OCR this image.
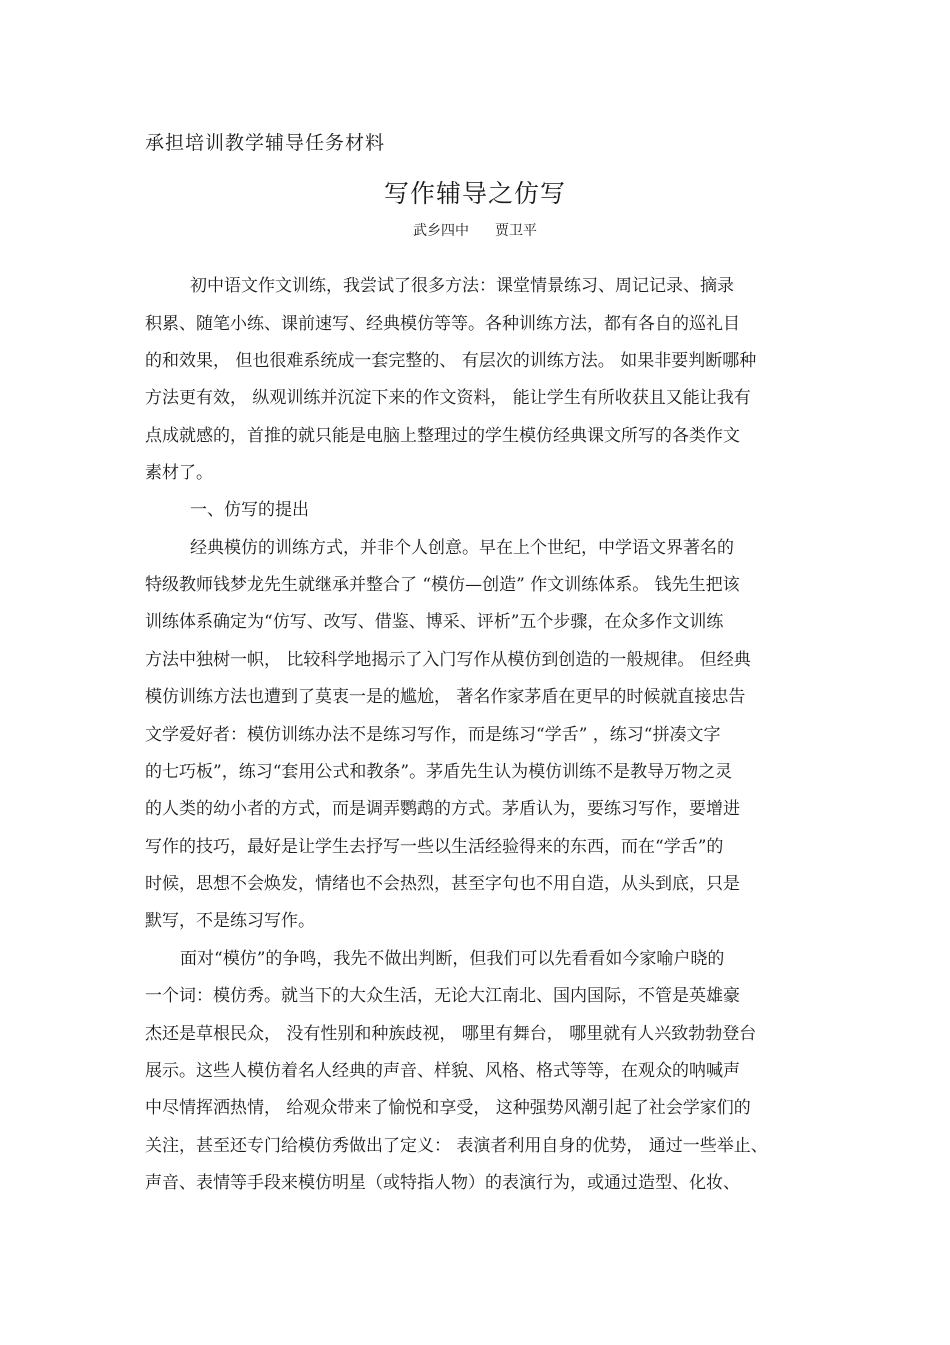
承担培训教学辅导任务材料
写作辅导之仿写
武乡四中 贾卫平
初中语文作文训练，我尝试了很多方法：课堂情景练习、周记记录、摘录
积累、随笔小练、课前速写、经典模仿等等。各种训练方法，都有各自的巡礼目
的和效果， 但也很难系统成一套完整的、 有层次的训练方法。 如果非要判断哪种
方法更有效， 纵观训练并沉淀下来的作文资料， 能让学生有所收获且又能让我有
点成就感的，首推的就只能是电脑上整理过的学生模仿经典课文所写的各类作文
素材了。
一、仿写的提出
经典模仿的训练方式，并非个人创意。早在上个世纪，中学语文界著名的
特级教师钱梦龙先生就继承并整合了 “模仿—创造” 作文训练体系。 钱先生把该
训练体系确定为“仿写、改写、借鉴、博采、评析”五个步骤，在众多作文训练
方法中独树一帜， 比较科学地揭示了入门写作从模仿到创造的一般规律。 但经典
模仿训练方法也遭到了莫衷一是的尴尬， 著名作家茅盾在更早的时候就直接忠告
文学爱好者：模仿训练办法不是练习写作，而是练习“学舌” ，练习“拼凑文字
的七巧板”，练习“套用公式和教条”。茅盾先生认为模仿训练不是教导万物之灵
的人类的幼小者的方式，而是调弄鹦鹉的方式。茅盾认为，要练习写作，要增进
写作的技巧，最好是让学生去抒写一些以生活经验得来的东西，而在“学舌”的
时候，思想不会焕发，情绪也不会热烈，甚至字句也不用自造，从头到底，只是
默写，不是练习写作。
面对“模仿”的争鸣，我先不做出判断，但我们可以先看看如今家喻户晓的
一个词：模仿秀。就当下的大众生活，无论大江南北、国内国际，不管是英雄豪
杰还是草根民众， 没有性别和种族歧视， 哪里有舞台， 哪里就有人兴致勃勃登台
展示。这些人模仿着名人经典的声音、样貌、风格、格式等等，在观众的呐喊声
中尽情挥洒热情， 给观众带来了愉悦和享受， 这种强势风潮引起了社会学家们的
关注，甚至还专门给模仿秀做出了定义： 表演者利用自身的优势， 通过一些举止、
声音、表情等手段来模仿明星（或特指人物）的表演行为，或通过造型、化妆、
